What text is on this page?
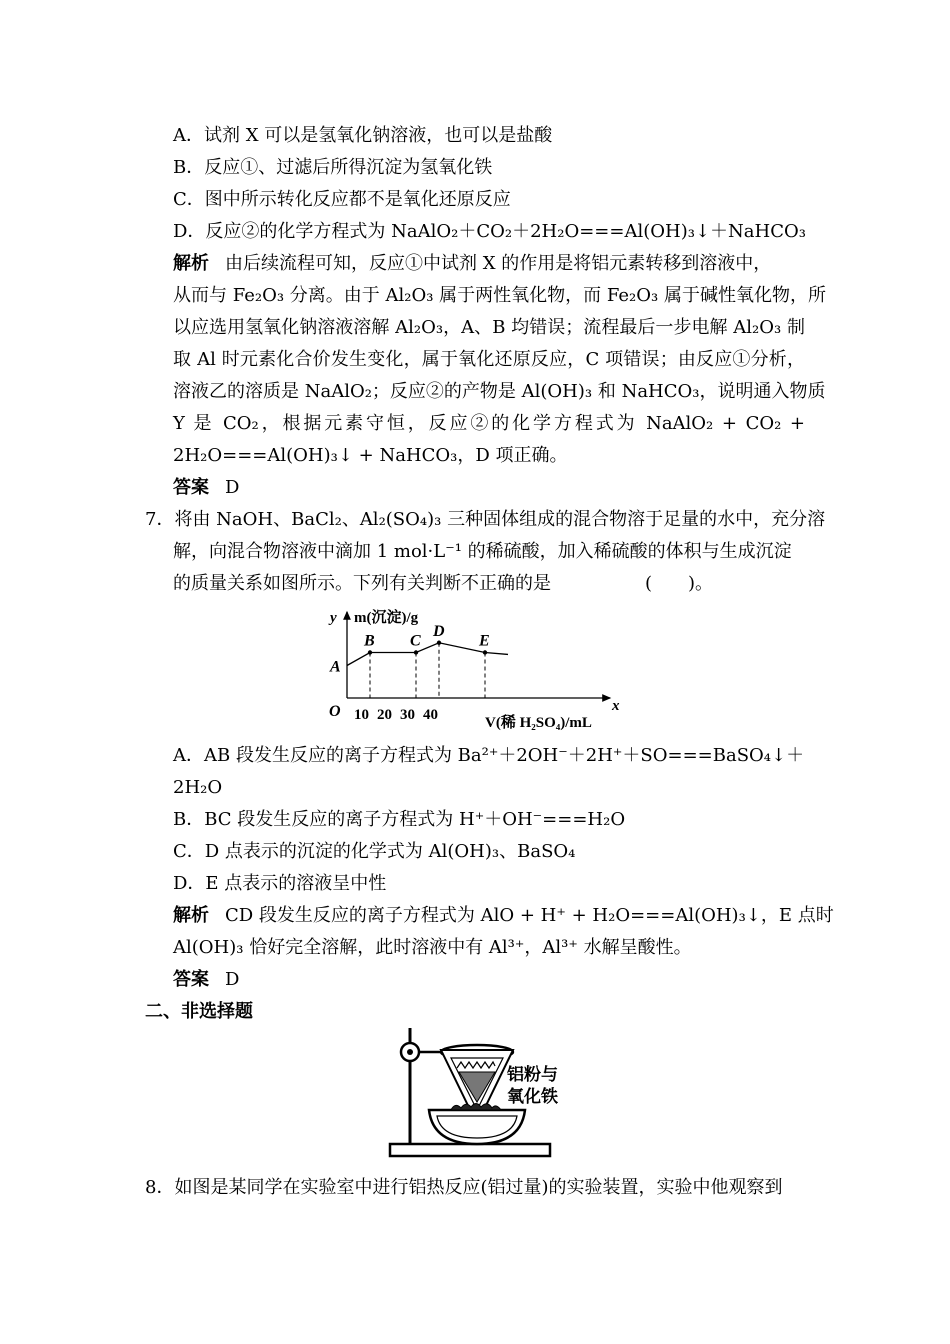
A．试剂 X 可以是氢氧化钠溶液，也可以是盐酸
B．反应①、过滤后所得沉淀为氢氧化铁
C．图中所示转化反应都不是氧化还原反应
D．反应②的化学方程式为 NaAlO₂＋CO₂＋2H₂O===Al(OH)₃↓＋NaHCO₃
解析 由后续流程可知，反应①中试剂 X 的作用是将铝元素转移到溶液中，
从而与 Fe₂O₃ 分离。由于 Al₂O₃ 属于两性氧化物，而 Fe₂O₃ 属于碱性氧化物，所
以应选用氢氧化钠溶液溶解 Al₂O₃，A、B 均错误；流程最后一步电解 Al₂O₃ 制
取 Al 时元素化合价发生变化，属于氧化还原反应，C 项错误；由反应①分析，
溶液乙的溶质是 NaAlO₂；反应②的产物是 Al(OH)₃ 和 NaHCO₃，说明通入物质
Y 是 CO₂，根据元素守恒，反应②的化学方程式为 NaAlO₂ + CO₂ +
2H₂O===Al(OH)₃↓ + NaHCO₃，D 项正确。
答案 D
7．将由 NaOH、BaCl₂、Al₂(SO₄)₃ 三种固体组成的混合物溶于足量的水中，充分溶
解，向混合物溶液中滴加 1 mol·L⁻¹ 的稀硫酸，加入稀硫酸的体积与生成沉淀
的质量关系如图所示。下列有关判断不正确的是	(　　)。
y m(沉淀)/g
O	x
V(稀 H₂SO₄)/mL
10 20 30 40
A
B C
D
E
A．AB 段发生反应的离子方程式为 Ba²⁺＋2OH⁻＋2H⁺＋SO===BaSO₄↓＋
2H₂O
B．BC 段发生反应的离子方程式为 H⁺＋OH⁻===H₂O
C．D 点表示的沉淀的化学式为 Al(OH)₃、BaSO₄
D．E 点表示的溶液呈中性
解析 CD 段发生反应的离子方程式为 AlO + H⁺ + H₂O===Al(OH)₃↓，E 点时
Al(OH)₃ 恰好完全溶解，此时溶液中有 Al³⁺，Al³⁺ 水解呈酸性。
答案 D
二、非选择题
铝粉与
氧化铁
8．如图是某同学在实验室中进行铝热反应(铝过量)的实验装置，实验中他观察到
